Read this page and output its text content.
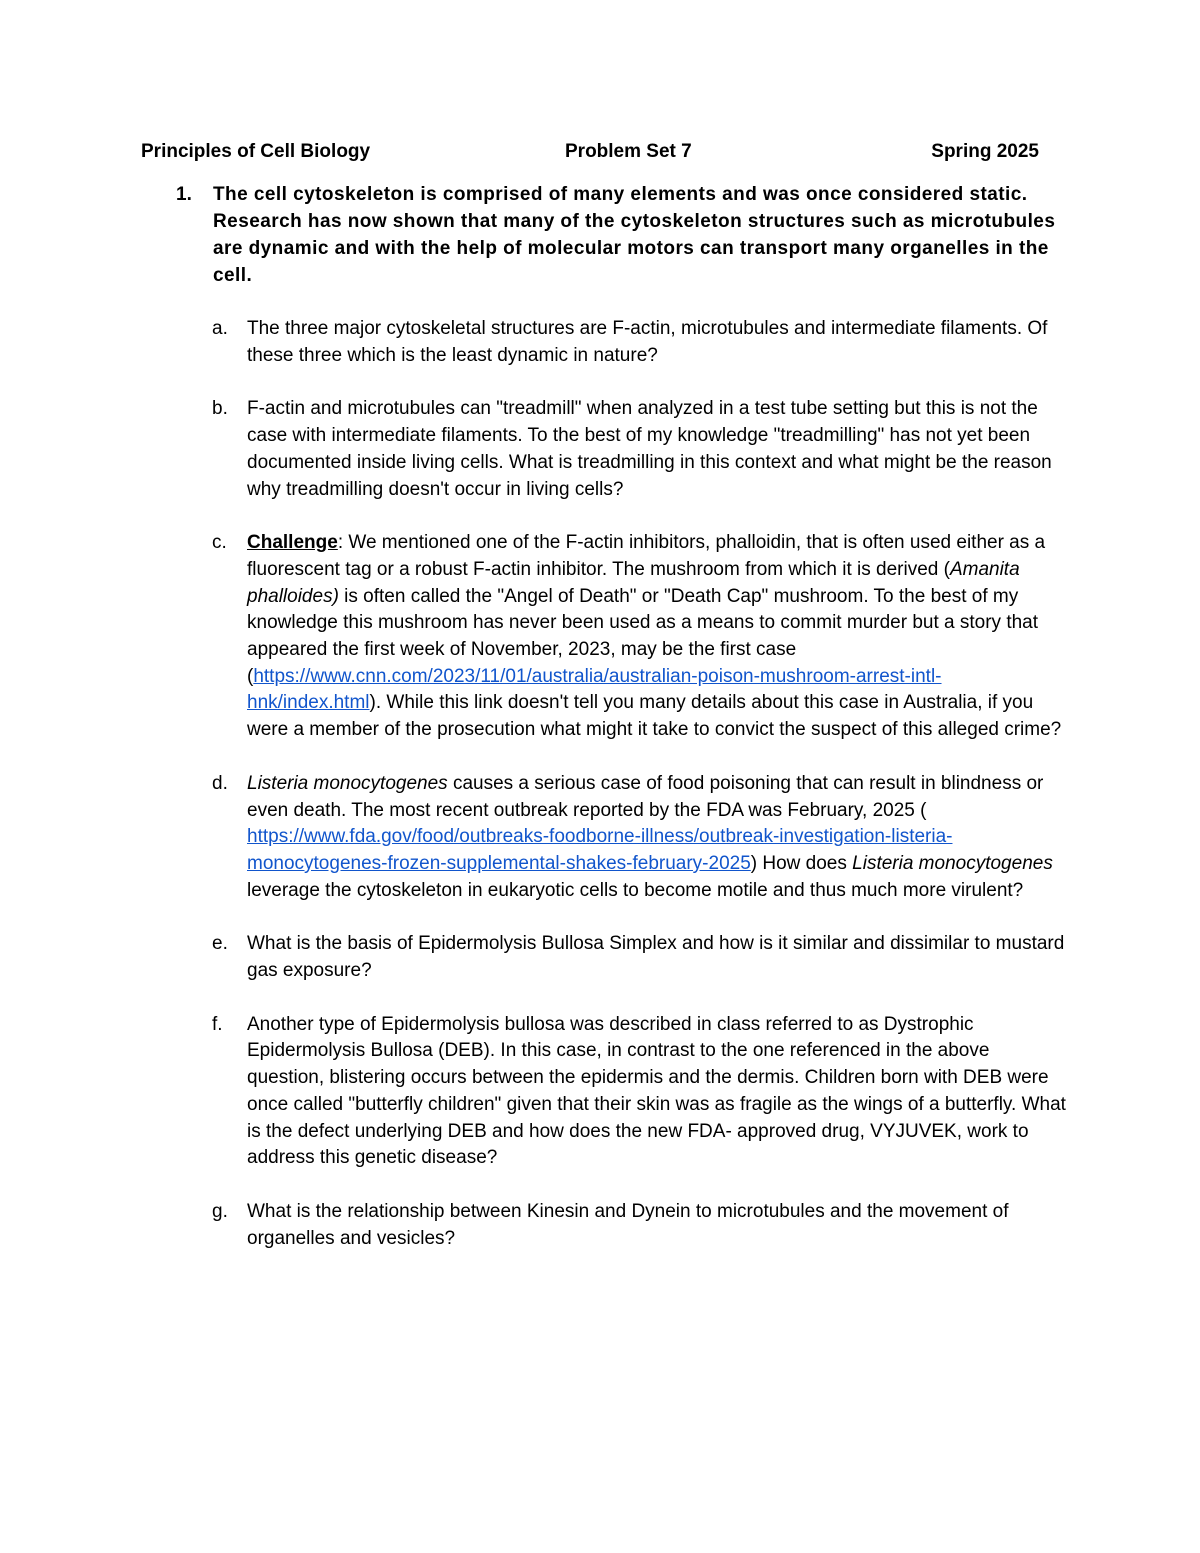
Principles of Cell Biology	Problem Set 7	Spring 2025
1. The cell cytoskeleton is comprised of many elements and was once considered static. Research has now shown that many of the cytoskeleton structures such as microtubules are dynamic and with the help of molecular motors can transport many organelles in the cell.
a. The three major cytoskeletal structures are F-actin, microtubules and intermediate filaments. Of these three which is the least dynamic in nature?
b. F-actin and microtubules can "treadmill" when analyzed in a test tube setting but this is not the case with intermediate filaments. To the best of my knowledge "treadmilling" has not yet been documented inside living cells. What is treadmilling in this context and what might be the reason why treadmilling doesn't occur in living cells?
c. Challenge: We mentioned one of the F-actin inhibitors, phalloidin, that is often used either as a fluorescent tag or a robust F-actin inhibitor. The mushroom from which it is derived (Amanita phalloides) is often called the "Angel of Death" or "Death Cap" mushroom. To the best of my knowledge this mushroom has never been used as a means to commit murder but a story that appeared the first week of November, 2023, may be the first case (https://www.cnn.com/2023/11/01/australia/australian-poison-mushroom-arrest-intl-hnk/index.html). While this link doesn't tell you many details about this case in Australia, if you were a member of the prosecution what might it take to convict the suspect of this alleged crime?
d. Listeria monocytogenes causes a serious case of food poisoning that can result in blindness or even death. The most recent outbreak reported by the FDA was February, 2025 ( https://www.fda.gov/food/outbreaks-foodborne-illness/outbreak-investigation-listeria-monocytogenes-frozen-supplemental-shakes-february-2025) How does Listeria monocytogenes leverage the cytoskeleton in eukaryotic cells to become motile and thus much more virulent?
e. What is the basis of Epidermolysis Bullosa Simplex and how is it similar and dissimilar to mustard gas exposure?
f. Another type of Epidermolysis bullosa was described in class referred to as Dystrophic Epidermolysis Bullosa (DEB). In this case, in contrast to the one referenced in the above question, blistering occurs between the epidermis and the dermis. Children born with DEB were once called "butterfly children" given that their skin was as fragile as the wings of a butterfly. What is the defect underlying DEB and how does the new FDA- approved drug, VYJUVEK, work to address this genetic disease?
g. What is the relationship between Kinesin and Dynein to microtubules and the movement of organelles and vesicles?
